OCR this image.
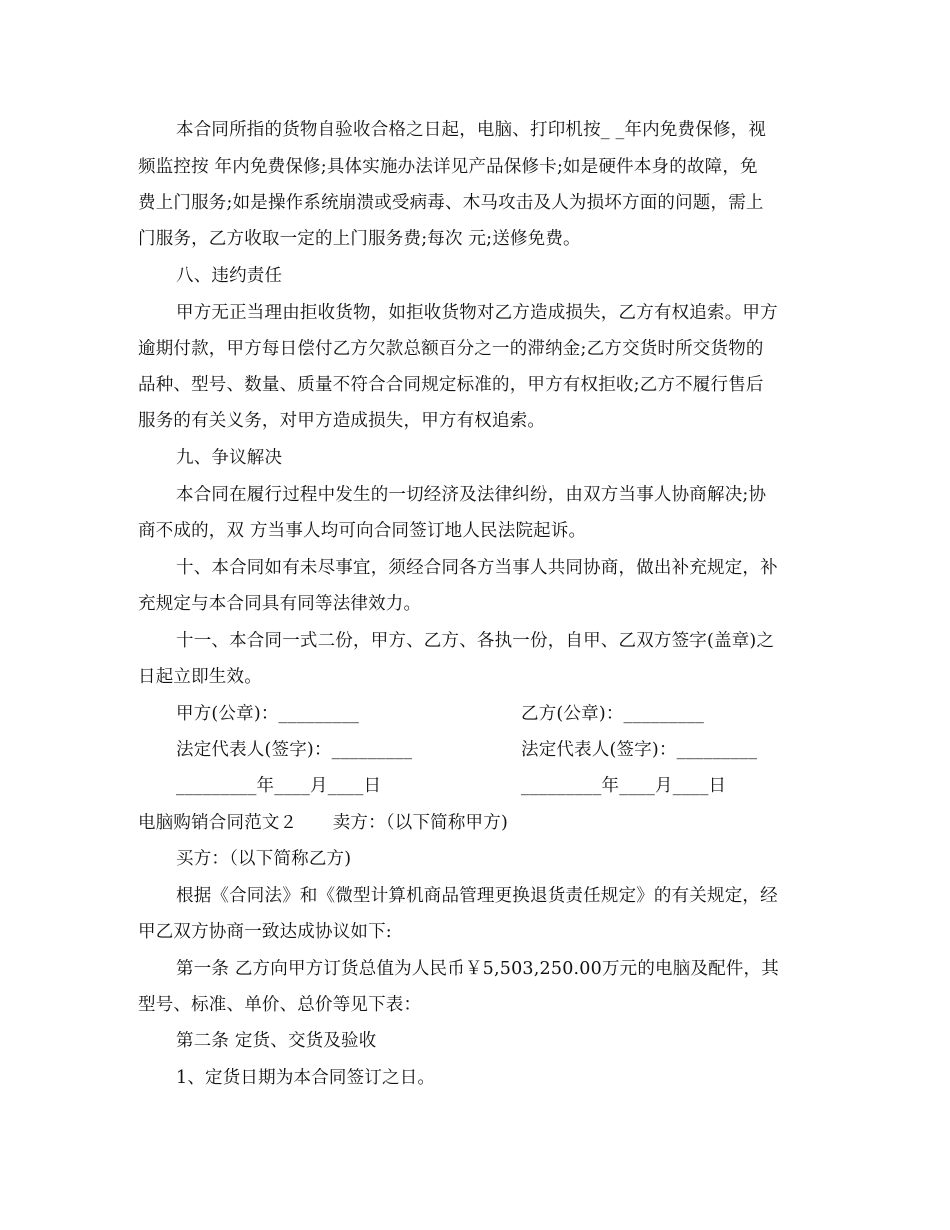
本合同所指的货物自验收合格之日起，电脑、打印机按_ _年内免费保修，视
频监控按 年内免费保修;具体实施办法详见产品保修卡;如是硬件本身的故障，免
费上门服务;如是操作系统崩溃或受病毒、木马攻击及人为损坏方面的问题，需上
门服务，乙方收取一定的上门服务费;每次 元;送修免费。
八、违约责任
甲方无正当理由拒收货物，如拒收货物对乙方造成损失，乙方有权追索。甲方
逾期付款，甲方每日偿付乙方欠款总额百分之一的滞纳金;乙方交货时所交货物的
品种、型号、数量、质量不符合合同规定标准的，甲方有权拒收;乙方不履行售后
服务的有关义务，对甲方造成损失，甲方有权追索。
九、争议解决
本合同在履行过程中发生的一切经济及法律纠纷，由双方当事人协商解决;协
商不成的，双 方当事人均可向合同签订地人民法院起诉。
十、本合同如有未尽事宜，须经合同各方当事人共同协商，做出补充规定，补
充规定与本合同具有同等法律效力。
十一、本合同一式二份，甲方、乙方、各执一份，自甲、乙双方签字(盖章)之
日起立即生效。
甲方(公章)：_________	乙方(公章)：_________
法定代表人(签字)：_________	法定代表人(签字)：_________
_________年____月____日	_________年____月____日
电脑购销合同范文２　　卖方：（以下简称甲方)
买方：（以下简称乙方)
根据《合同法》和《微型计算机商品管理更换退货责任规定》的有关规定，经
甲乙双方协商一致达成协议如下:
第一条 乙方向甲方订货总值为人民币￥5,503,250.00万元的电脑及配件，其
型号、标准、单价、总价等见下表：
第二条 定货、交货及验收
1、定货日期为本合同签订之日。
